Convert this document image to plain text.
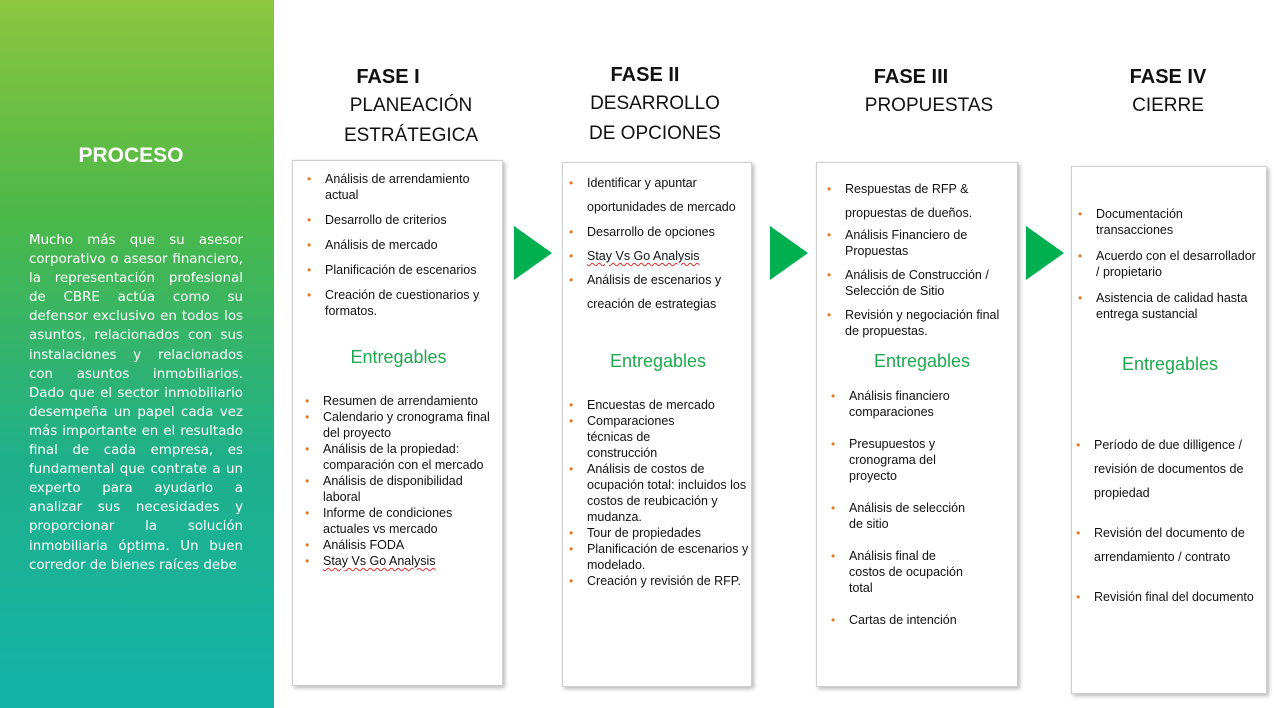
PROCESO
Mucho más que su asesor corporativo o asesor financiero, la representación profesional de CBRE actúa como su defensor exclusivo en todos los asuntos, relacionados con sus instalaciones y relacionados con asuntos inmobiliarios. Dado que el sector inmobiliario desempeña un papel cada vez más importante en el resultado final de cada empresa, es fundamental que contrate a un experto para ayudarlo a analizar sus necesidades y proporcionar la solución inmobiliaria óptima. Un buen corredor de bienes raíces debe
FASE I
PLANEACIÓN
ESTRÁTEGICA
• Análisis de arrendamiento actual
• Desarrollo de criterios
• Análisis de mercado
• Planificación de escenarios
• Creación de cuestionarios y formatos.
Entregables
• Resumen de arrendamiento
• Calendario y cronograma final del proyecto
• Análisis de la propiedad: comparación con el mercado
• Análisis de disponibilidad laboral
• Informe de condiciones actuales vs mercado
• Análisis FODA
• Stay Vs Go Analysis
FASE II
DESARROLLO
DE OPCIONES
• Identificar y apuntar oportunidades de mercado
• Desarrollo de opciones
• Stay Vs Go Analysis
• Análisis de escenarios y creación de estrategias
Entregables
• Encuestas de mercado
• Comparaciones técnicas de construcción
• Análisis de costos de ocupación total: incluidos los costos de reubicación y mudanza.
• Tour de propiedades
• Planificación de escenarios y modelado.
• Creación y revisión de RFP.
FASE III
PROPUESTAS
• Respuestas de RFP & propuestas de dueños.
• Análisis Financiero de Propuestas
• Análisis de Construcción / Selección de Sitio
• Revisión y negociación final de propuestas.
Entregables
• Análisis financiero comparaciones
• Presupuestos y cronograma del proyecto
• Análisis de selección de sitio
• Análisis final de costos de ocupación total
• Cartas de intención
FASE IV
CIERRE
• Documentación transacciones
• Acuerdo con el desarrollador / propietario
• Asistencia de calidad hasta entrega sustancial
Entregables
• Período de due dilligence / revisión de documentos de propiedad
• Revisión del documento de arrendamiento / contrato
• Revisión final del documento
